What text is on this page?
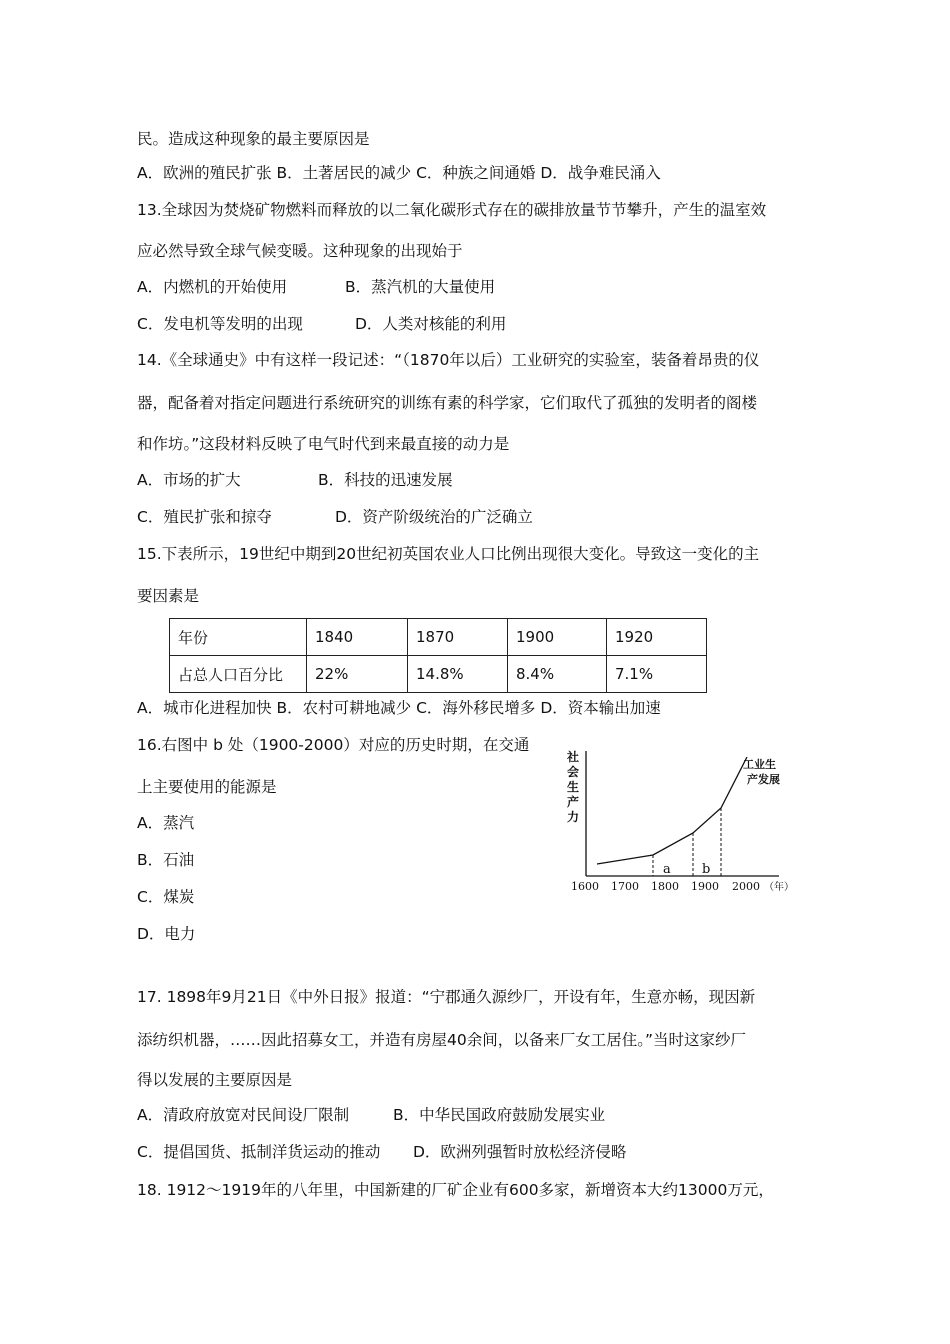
民。造成这种现象的最主要原因是
A．欧洲的殖民扩张 B．土著居民的减少 C．种族之间通婚 D．战争难民涌入
13.全球因为焚烧矿物燃料而释放的以二氧化碳形式存在的碳排放量节节攀升，产生的温室效
应必然导致全球气候变暖。这种现象的出现始于
A．内燃机的开始使用	B．蒸汽机的大量使用
C．发电机等发明的出现	D．人类对核能的利用
14.《全球通史》中有这样一段记述：“（1870年以后）工业研究的实验室，装备着昂贵的仪
器，配备着对指定问题进行系统研究的训练有素的科学家，它们取代了孤独的发明者的阁楼
和作坊。”这段材料反映了电气时代到来最直接的动力是
A．市场的扩大	B．科技的迅速发展
C．殖民扩张和掠夺	D．资产阶级统治的广泛确立
15.下表所示，19世纪中期到20世纪初英国农业人口比例出现很大变化。导致这一变化的主
要因素是
年份	1840	1870	1900	1920
占总人口百分比	22%	14.8%	8.4%	7.1%
A．城市化进程加快 B．农村可耕地减少 C．海外移民增多 D．资本输出加速
16.右图中 b 处（1900-2000）对应的历史时期，在交通
上主要使用的能源是
A．蒸汽
B．石油
C．煤炭
D．电力
社
会
生
产
力
工业生
产发展
a b
1600 1700 1800 1900 2000 （年）
17. 1898年9月21日《中外日报》报道：“宁郡通久源纱厂，开设有年，生意亦畅，现因新
添纺织机器，……因此招募女工，并造有房屋40余间，以备来厂女工居住。”当时这家纱厂
得以发展的主要原因是
A．清政府放宽对民间设厂限制	B．中华民国政府鼓励发展实业
C．提倡国货、抵制洋货运动的推动 D．欧洲列强暂时放松经济侵略
18. 1912～1919年的八年里，中国新建的厂矿企业有600多家，新增资本大约13000万元，
